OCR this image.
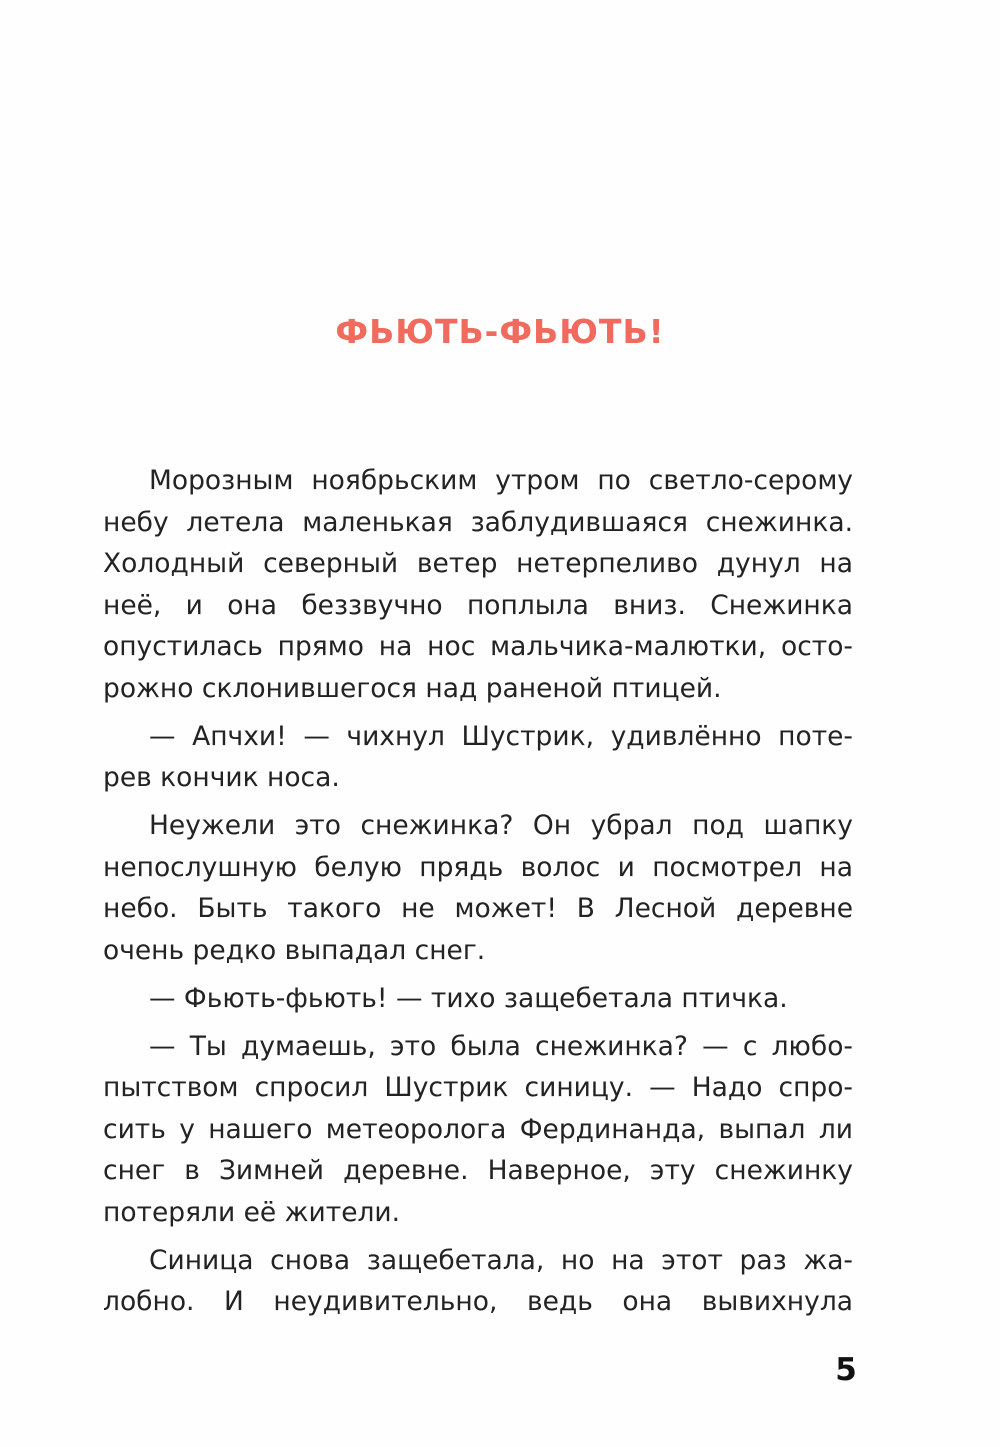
ФЬЮТЬ-ФЬЮТЬ!

Морозным ноябрьским утром по светло-серому
небу летела маленькая заблудившаяся снежинка.
Холодный северный ветер нетерпеливо дунул на
неё, и она беззвучно поплыла вниз. Снежинка
опустилась прямо на нос мальчика-малютки, осто-
рожно склонившегося над раненой птицей.

— Апчхи! — чихнул Шустрик, удивлённо поте-
рев кончик носа.

Неужели это снежинка? Он убрал под шапку
непослушную белую прядь волос и посмотрел на
небо. Быть такого не может! В Лесной деревне
очень редко выпадал снег.

— Фьють-фьють! — тихо защебетала птичка.

— Ты думаешь, это была снежинка? — с любо-
пытством спросил Шустрик синицу. — Надо спро-
сить у нашего метеоролога Фердинанда, выпал ли
снег в Зимней деревне. Наверное, эту снежинку
потеряли её жители.

Синица снова защебетала, но на этот раз жа-
лобно. И неудивительно, ведь она вывихнула

5
